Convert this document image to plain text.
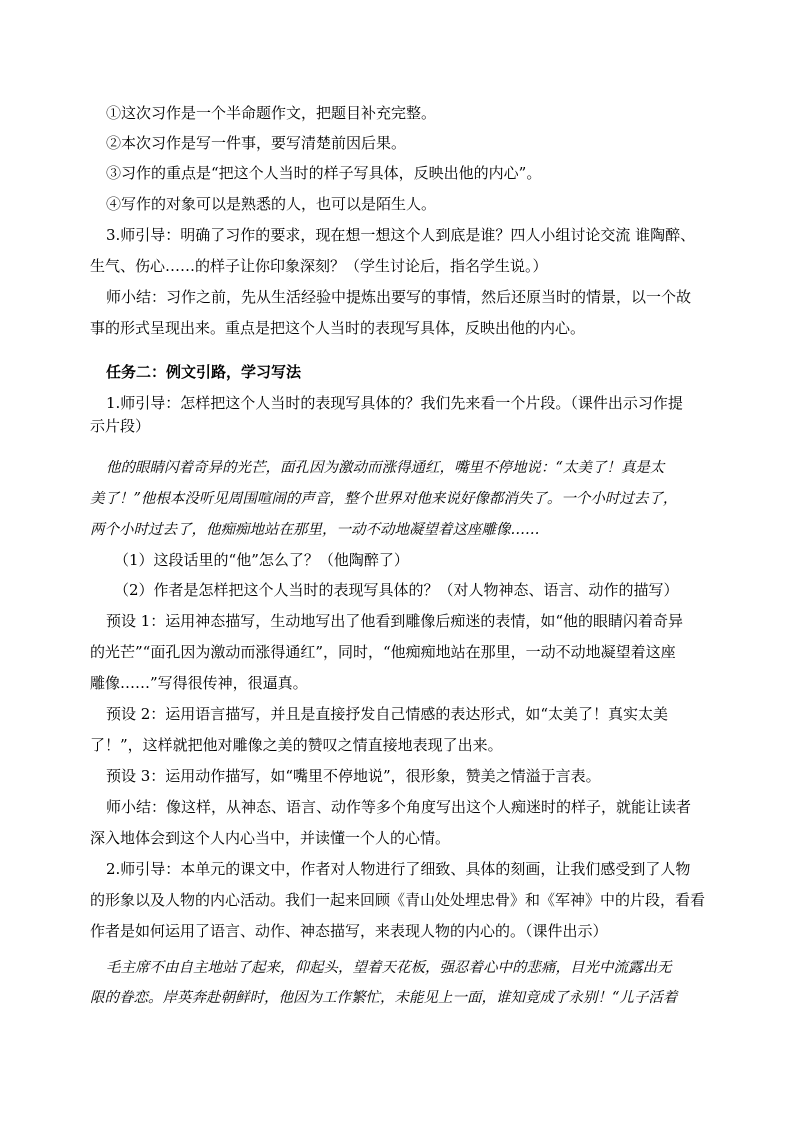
①这次习作是一个半命题作文，把题目补充完整。
②本次习作是写一件事，要写清楚前因后果。
③习作的重点是“把这个人当时的样子写具体，反映出他的内心”。
④写作的对象可以是熟悉的人，也可以是陌生人。
3.师引导：明确了习作的要求，现在想一想这个人到底是谁？四人小组讨论交流 谁陶醉、
生气、伤心……的样子让你印象深刻？（学生讨论后，指名学生说。）
师小结：习作之前，先从生活经验中提炼出要写的事情，然后还原当时的情景，以一个故
事的形式呈现出来。重点是把这个人当时的表现写具体，反映出他的内心。
任务二：例文引路，学习写法
1.师引导：怎样把这个人当时的表现写具体的？我们先来看一个片段。（课件出示习作提
示片段）
他的眼睛闪着奇异的光芒，面孔因为激动而涨得通红，嘴里不停地说：“太美了！真是太
美了！”他根本没听见周围喧闹的声音，整个世界对他来说好像都消失了。一个小时过去了，
两个小时过去了，他痴痴地站在那里，一动不动地凝望着这座雕像……
（1）这段话里的“他”怎么了？（他陶醉了）
（2）作者是怎样把这个人当时的表现写具体的？（对人物神态、语言、动作的描写）
预设 1：运用神态描写，生动地写出了他看到雕像后痴迷的表情，如“他的眼睛闪着奇异
的光芒”“面孔因为激动而涨得通红”，同时，“他痴痴地站在那里，一动不动地凝望着这座
雕像……”写得很传神，很逼真。
预设 2：运用语言描写，并且是直接抒发自己情感的表达形式，如“太美了！真实太美
了！”，这样就把他对雕像之美的赞叹之情直接地表现了出来。
预设 3：运用动作描写，如“嘴里不停地说”，很形象，赞美之情溢于言表。
师小结：像这样，从神态、语言、动作等多个角度写出这个人痴迷时的样子，就能让读者
深入地体会到这个人内心当中，并读懂一个人的心情。
2.师引导：本单元的课文中，作者对人物进行了细致、具体的刻画，让我们感受到了人物
的形象以及人物的内心活动。我们一起来回顾《青山处处埋忠骨》和《军神》中的片段，看看
作者是如何运用了语言、动作、神态描写，来表现人物的内心的。（课件出示）
毛主席不由自主地站了起来，仰起头，望着天花板，强忍着心中的悲痛，目光中流露出无
限的眷恋。岸英奔赴朝鲜时，他因为工作繁忙，未能见上一面，谁知竟成了永别！“儿子活着
